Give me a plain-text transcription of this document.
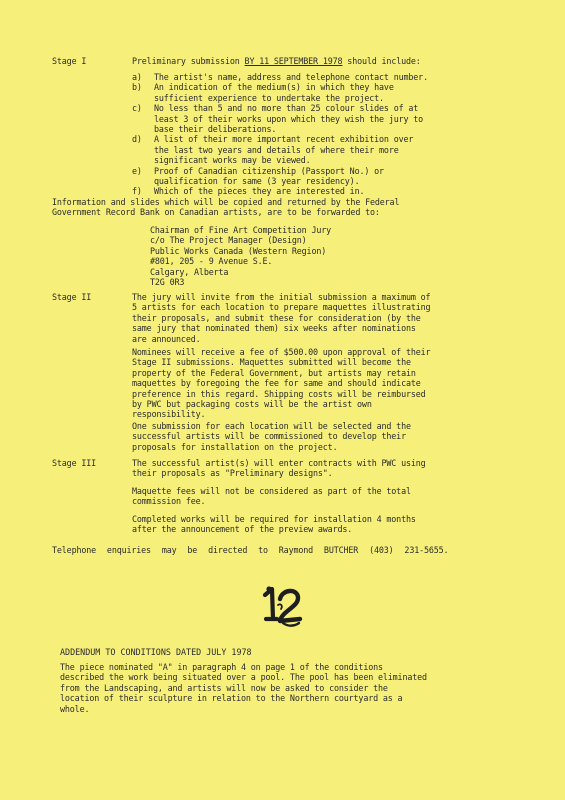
Stage I	Preliminary submission BY 11 SEPTEMBER 1978 should include:
a)	The artist's name, address and telephone contact number.
b)	An indication of the medium(s) in which they have sufficient experience to undertake the project.
c)	No less than 5 and no more than 25 colour slides of at least 3 of their works upon which they wish the jury to base their deliberations.
d)	A list of their more important recent exhibition over the last two years and details of where their more significant works may be viewed.
e)	Proof of Canadian citizenship (Passport No.) or qualification for same (3 year residency).
f)	Which of the pieces they are interested in.
Information and slides which will be copied and returned by the Federal Government Record Bank on Canadian artists, are to be forwarded to:
Chairman of Fine Art Competition Jury
c/o The Project Manager (Design)
Public Works Canada (Western Region)
#801, 205 - 9 Avenue S.E.
Calgary, Alberta
T2G 0R3
Stage II	The jury will invite from the initial submission a maximum of 5 artists for each location to prepare maquettes illustrating their proposals, and submit these for consideration (by the same jury that nominated them) six weeks after nominations are announced.
Nominees will receive a fee of $500.00 upon approval of their Stage II submissions. Maquettes submitted will become the property of the Federal Government, but artists may retain maquettes by foregoing the fee for same and should indicate preference in this regard. Shipping costs will be reimbursed by PWC but packaging costs will be the artist own responsibility.
One submission for each location will be selected and the successful artists will be commissioned to develop their proposals for installation on the project.
Stage III	The successful artist(s) will enter contracts with PWC using their proposals as "Preliminary designs".
Maquette fees will not be considered as part of the total commission fee.
Completed works will be required for installation 4 months after the announcement of the preview awards.
Telephone enquiries may be directed to Raymond BUTCHER (403) 231-5655.
ADDENDUM TO CONDITIONS DATED JULY 1978
The piece nominated "A" in paragraph 4 on page 1 of the conditions described the work being situated over a pool. The pool has been eliminated from the Landscaping, and artists will now be asked to consider the location of their sculpture in relation to the Northern courtyard as a whole.
